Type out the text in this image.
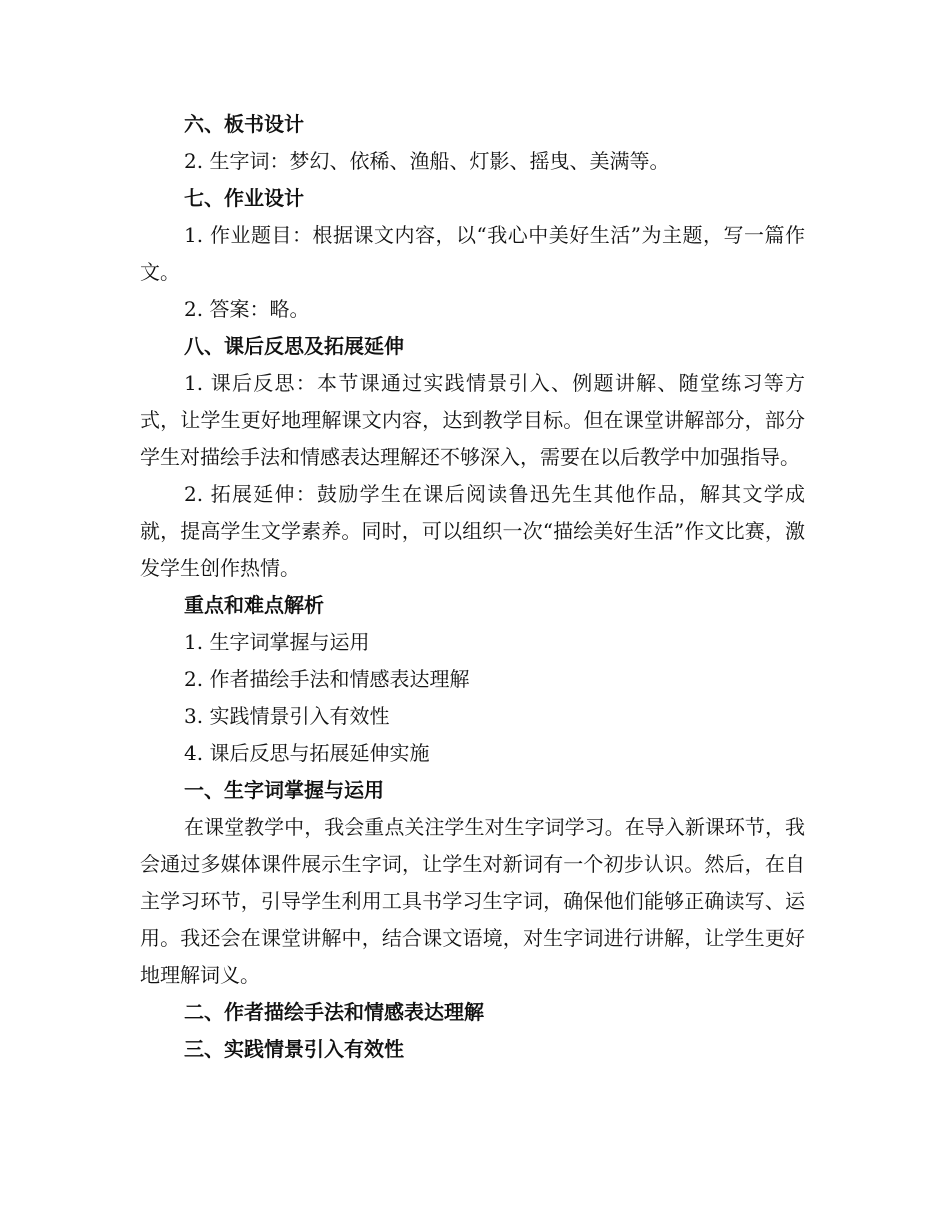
六、板书设计

2. 生字词：梦幻、依稀、渔船、灯影、摇曳、美满等。

七、作业设计

1. 作业题目：根据课文内容，以“我心中美好生活”为主题，写一篇作文。

2. 答案：略。

八、课后反思及拓展延伸

1. 课后反思：本节课通过实践情景引入、例题讲解、随堂练习等方式，让学生更好地理解课文内容，达到教学目标。但在课堂讲解部分，部分学生对描绘手法和情感表达理解还不够深入，需要在以后教学中加强指导。

2. 拓展延伸：鼓励学生在课后阅读鲁迅先生其他作品，解其文学成就，提高学生文学素养。同时，可以组织一次“描绘美好生活”作文比赛，激发学生创作热情。

重点和难点解析

1. 生字词掌握与运用

2. 作者描绘手法和情感表达理解

3. 实践情景引入有效性

4. 课后反思与拓展延伸实施

一、生字词掌握与运用

在课堂教学中，我会重点关注学生对生字词学习。在导入新课环节，我会通过多媒体课件展示生字词，让学生对新词有一个初步认识。然后，在自主学习环节，引导学生利用工具书学习生字词，确保他们能够正确读写、运用。我还会在课堂讲解中，结合课文语境，对生字词进行讲解，让学生更好地理解词义。

二、作者描绘手法和情感表达理解

三、实践情景引入有效性
